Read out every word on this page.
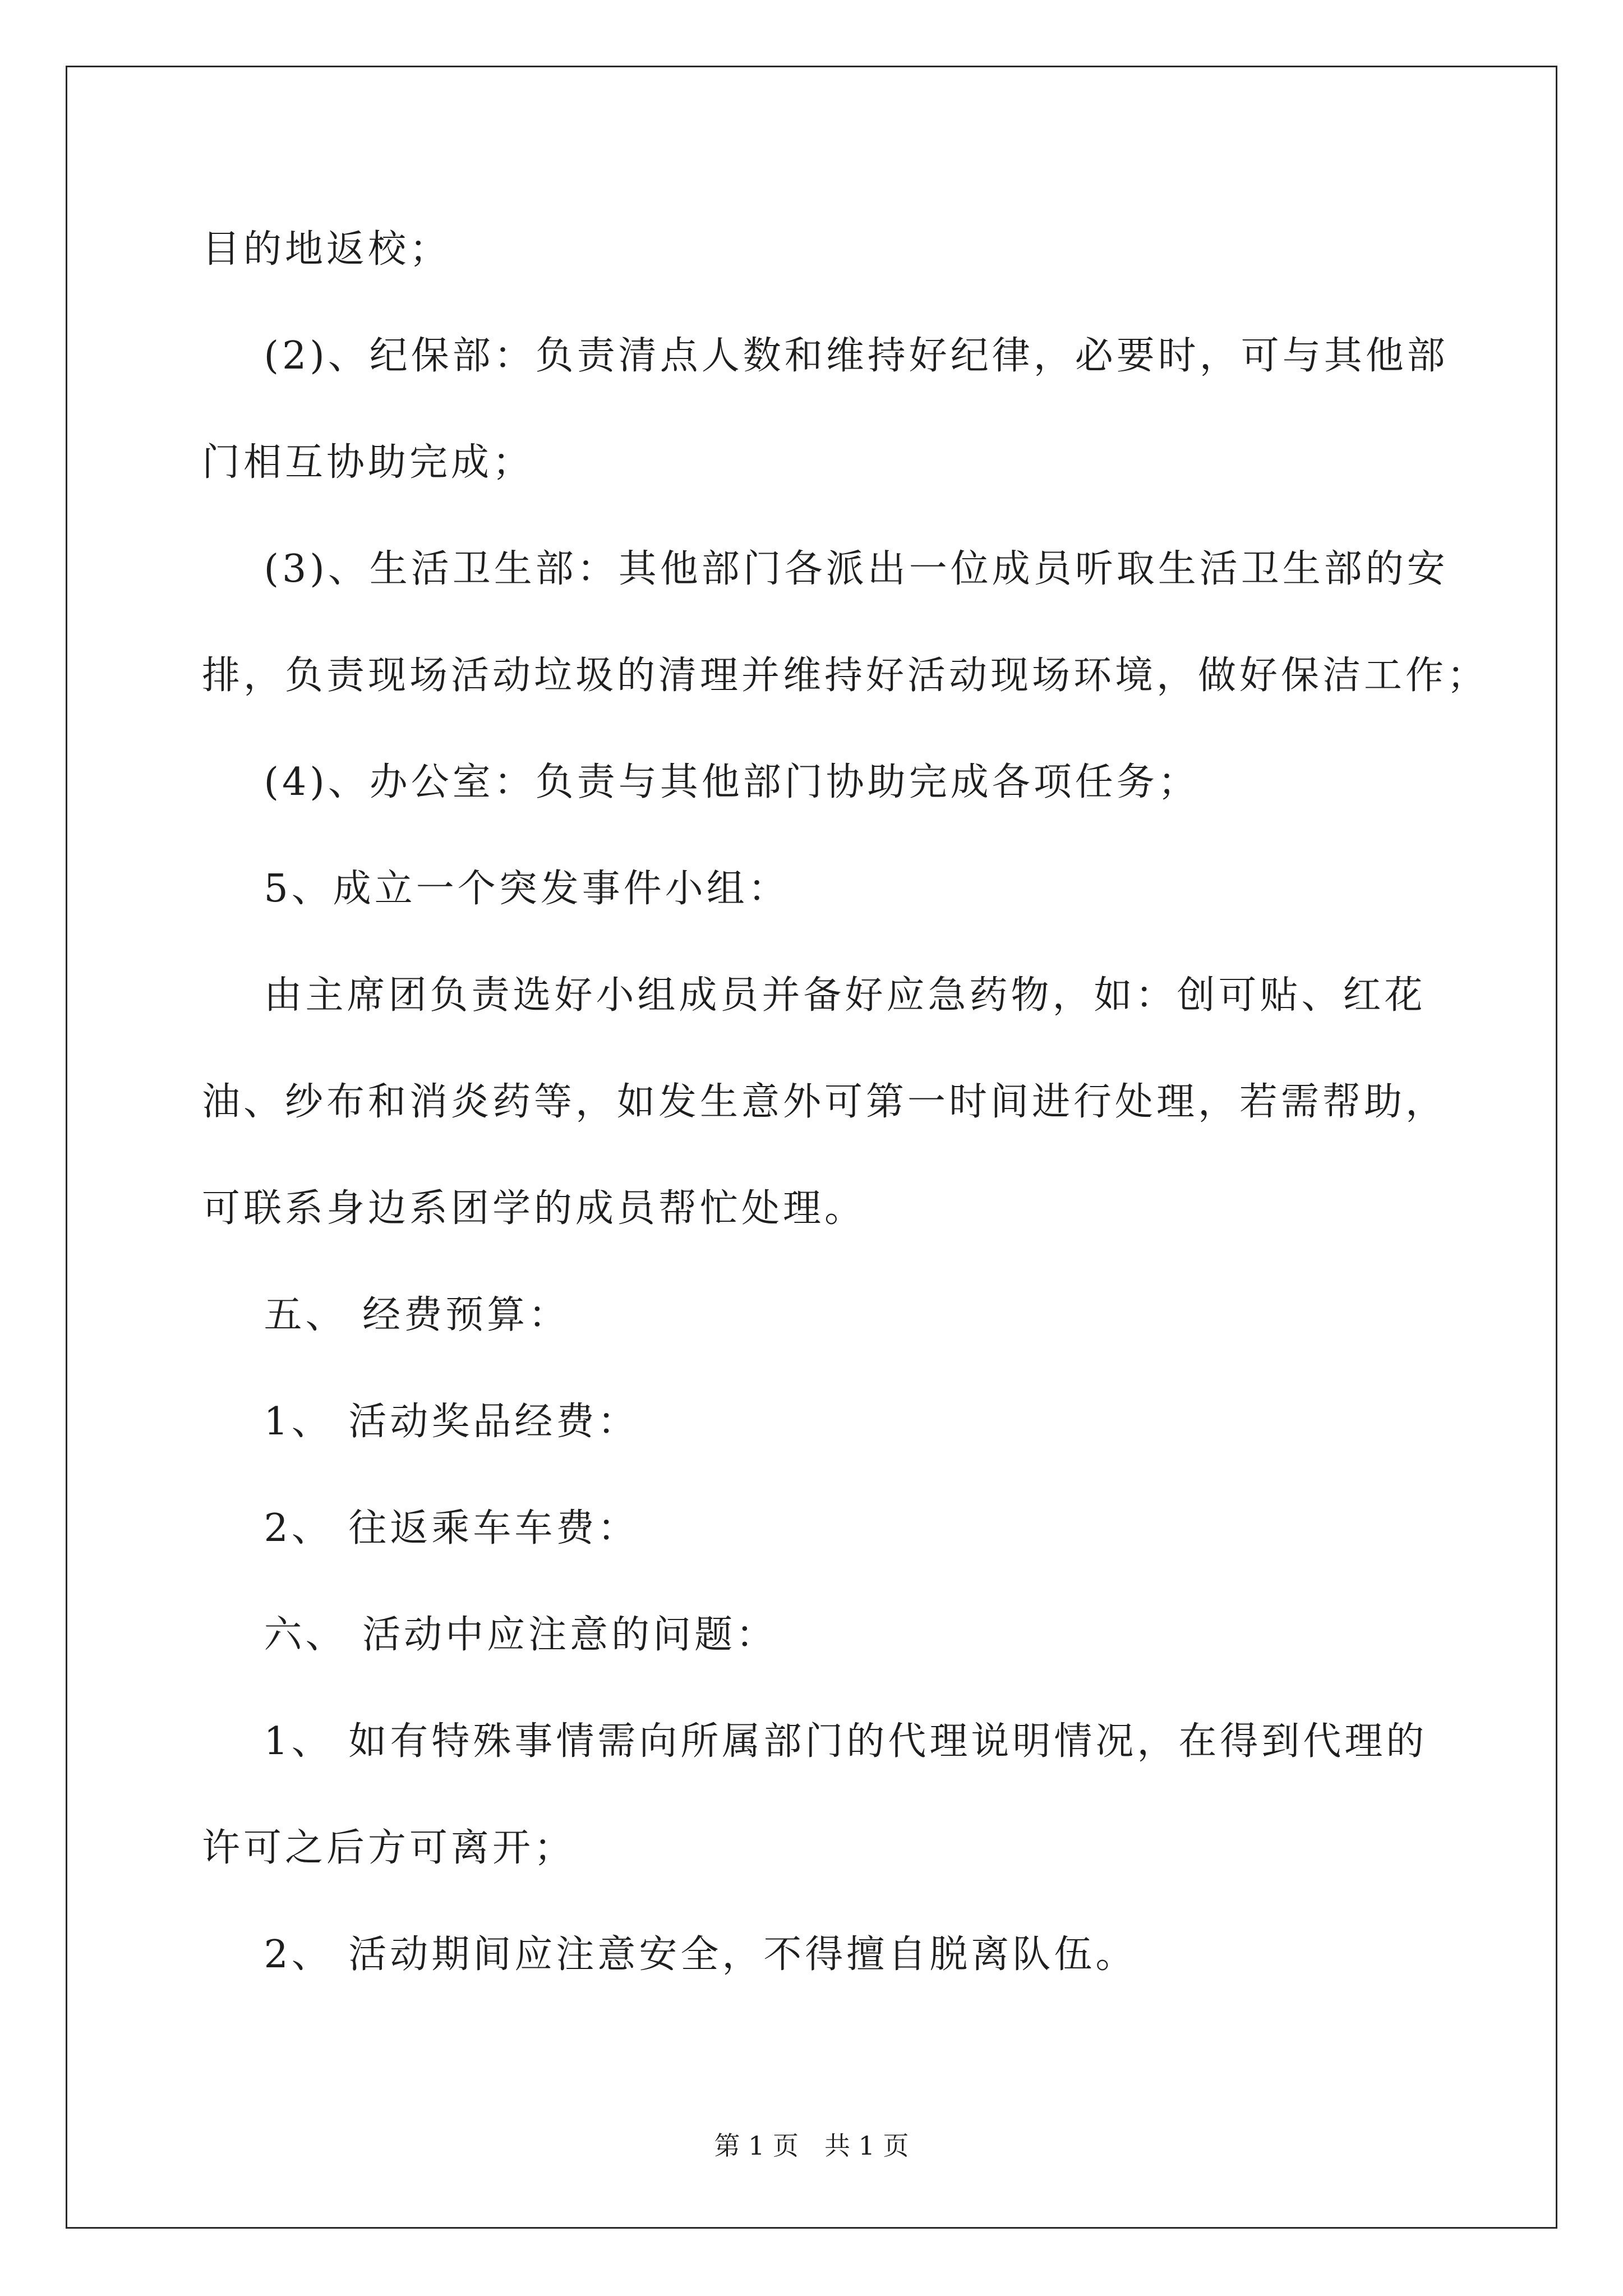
目的地返校；
(2)、纪保部：负责清点人数和维持好纪律，必要时，可与其他部
门相互协助完成；
(3)、生活卫生部：其他部门各派出一位成员听取生活卫生部的安
排，负责现场活动垃圾的清理并维持好活动现场环境，做好保洁工作；
(4)、办公室：负责与其他部门协助完成各项任务；
5、成立一个突发事件小组：
由主席团负责选好小组成员并备好应急药物，如：创可贴、红花
油、纱布和消炎药等，如发生意外可第一时间进行处理，若需帮助，
可联系身边系团学的成员帮忙处理。
五、 经费预算：
1、 活动奖品经费：
2、 往返乘车车费：
六、 活动中应注意的问题：
1、 如有特殊事情需向所属部门的代理说明情况，在得到代理的
许可之后方可离开；
2、 活动期间应注意安全，不得擅自脱离队伍。
第 1 页　共 1 页
